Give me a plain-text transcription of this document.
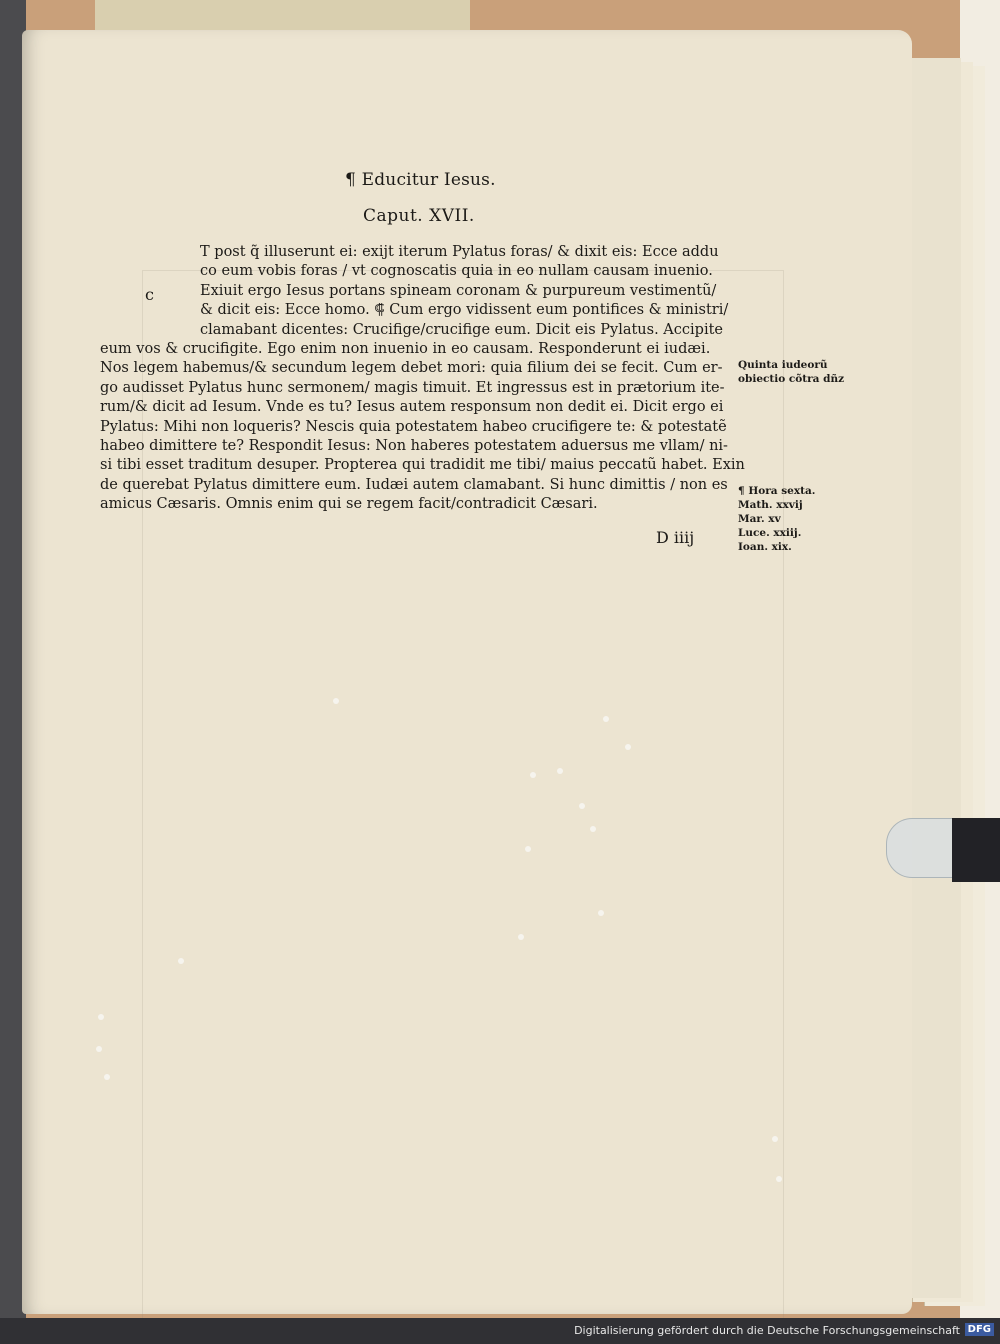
¶ Educitur Iesus.
Caput. XVII.
c
T post q̃ illuserunt ei: exijt iterum Pylatus foras/ & dixit eis: Ecce addu
co eum vobis foras / vt cognoscatis quia in eo nullam causam inuenio.
Exiuit ergo Iesus portans spineam coronam & purpureum vestimentũ/
& dicit eis: Ecce homo. ⸿ Cum ergo vidissent eum pontifices & ministri/
clamabant dicentes: Crucifige/crucifige eum. Dicit eis Pylatus. Accipite
eum vos & crucifigite. Ego enim non inuenio in eo causam. Responderunt ei iudæi.
Nos legem habemus/& secundum legem debet mori: quia filium dei se fecit. Cum er-
go audisset Pylatus hunc sermonem/ magis timuit. Et ingressus est in prætorium ite-
rum/& dicit ad Iesum. Vnde es tu? Iesus autem responsum non dedit ei. Dicit ergo ei
Pylatus: Mihi non loqueris? Nescis quia potestatem habeo crucifigere te: & potestatẽ
habeo dimittere te? Respondit Iesus: Non haberes potestatem aduersus me vllam/ ni-
si tibi esset traditum desuper. Propterea qui tradidit me tibi/ maius peccatũ habet. Exin
de querebat Pylatus dimittere eum. Iudæi autem clamabant. Si hunc dimittis / non es
amicus Cæsaris. Omnis enim qui se regem facit/contradicit Cæsari.
Quinta iudeorũ
obiectio cõtra dñz
¶ Hora sexta.
Math. xxvij
Mar. xv
Luce. xxiij.
Ioan. xix.
D iiij
Digitalisierung gefördert durch die Deutsche Forschungsgemeinschaft DFG
